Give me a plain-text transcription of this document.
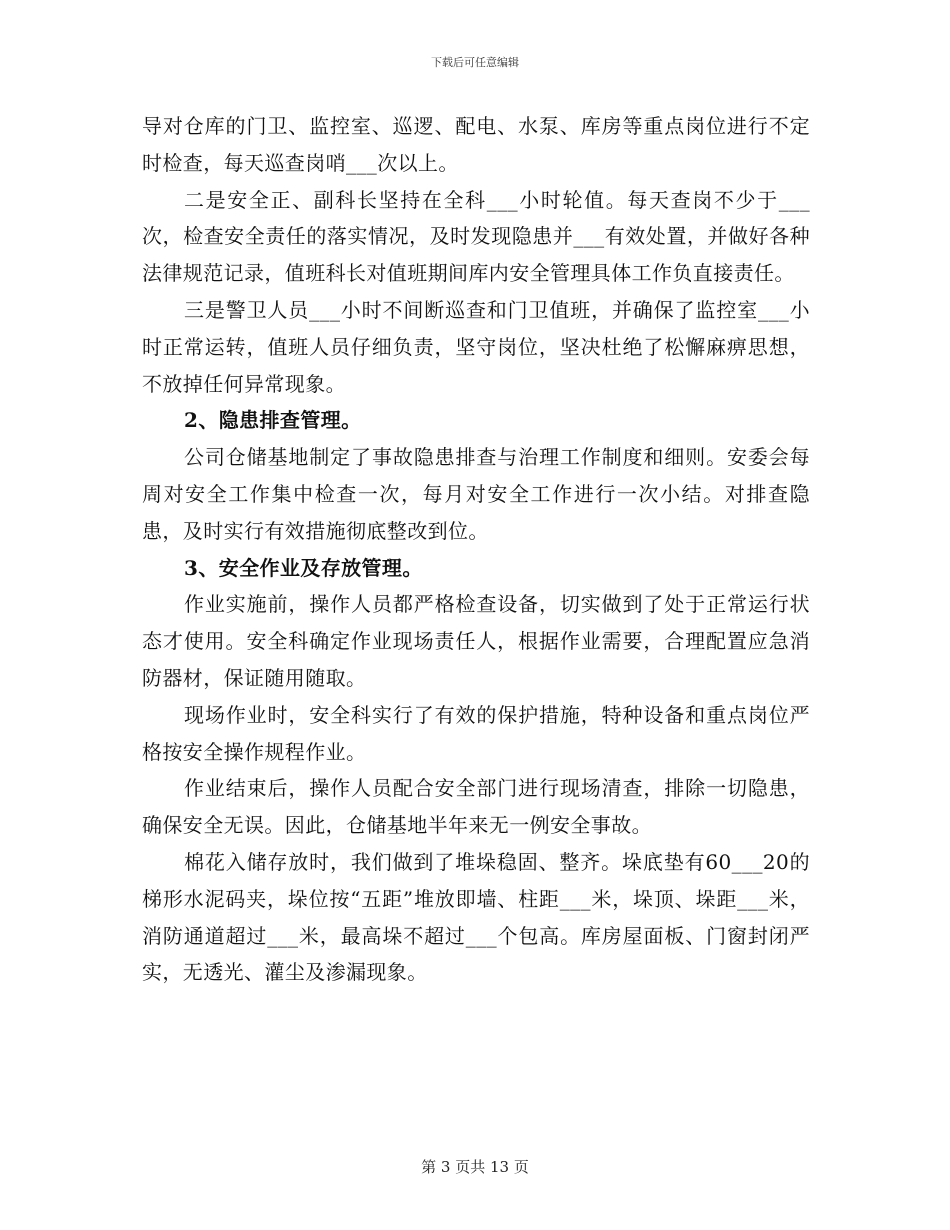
下载后可任意编辑

导对仓库的门卫、监控室、巡逻、配电、水泵、库房等重点岗位进行不定时检查，每天巡查岗哨___次以上。

二是安全正、副科长坚持在全科___小时轮值。每天查岗不少于___次，检查安全责任的落实情况，及时发现隐患并___有效处置，并做好各种法律规范记录，值班科长对值班期间库内安全管理具体工作负直接责任。

三是警卫人员___小时不间断巡查和门卫值班，并确保了监控室___小时正常运转，值班人员仔细负责，坚守岗位，坚决杜绝了松懈麻痹思想，不放掉任何异常现象。

2、隐患排查管理。

公司仓储基地制定了事故隐患排查与治理工作制度和细则。安委会每周对安全工作集中检查一次，每月对安全工作进行一次小结。对排查隐患，及时实行有效措施彻底整改到位。

3、安全作业及存放管理。

作业实施前，操作人员都严格检查设备，切实做到了处于正常运行状态才使用。安全科确定作业现场责任人，根据作业需要，合理配置应急消防器材，保证随用随取。

现场作业时，安全科实行了有效的保护措施，特种设备和重点岗位严格按安全操作规程作业。

作业结束后，操作人员配合安全部门进行现场清查，排除一切隐患，确保安全无误。因此，仓储基地半年来无一例安全事故。

棉花入储存放时，我们做到了堆垛稳固、整齐。垛底垫有60___20的梯形水泥码夹，垛位按“五距”堆放即墙、柱距___米，垛顶、垛距___米，消防通道超过___米，最高垛不超过___个包高。库房屋面板、门窗封闭严实，无透光、灌尘及渗漏现象。

第 3 页共 13 页
